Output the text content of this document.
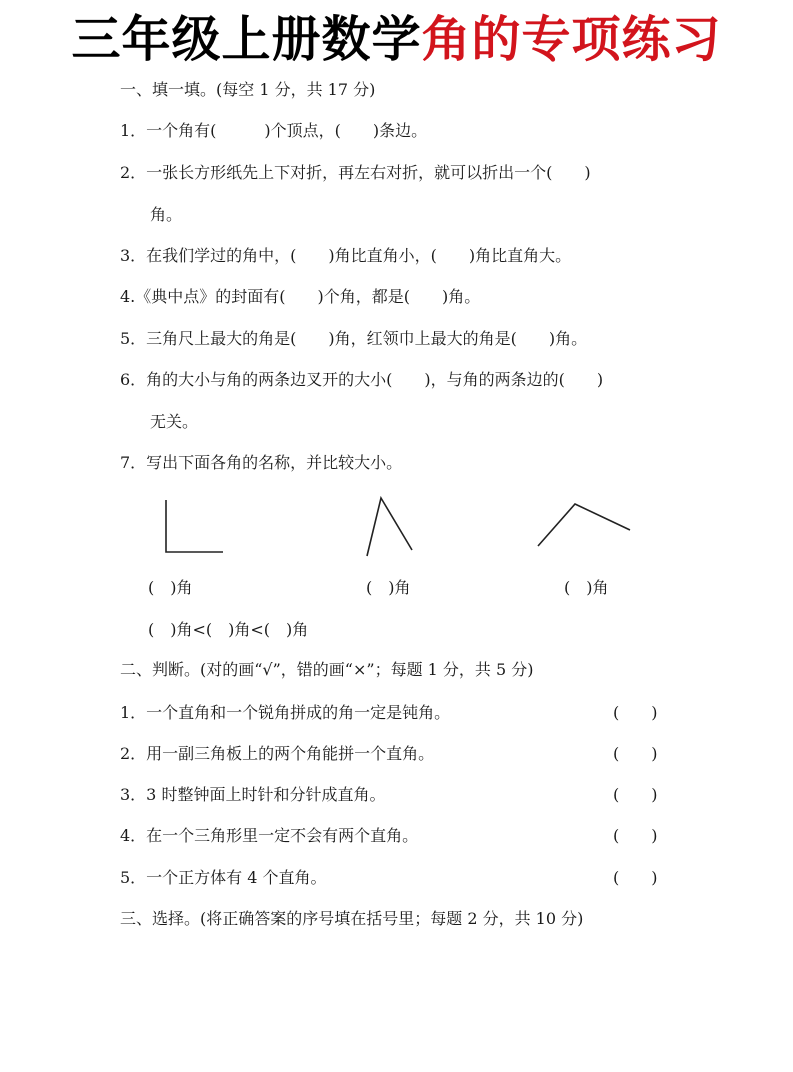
三年级上册数学角的专项练习
一、填一填。(每空 1 分，共 17 分)
1．一个角有(　　　)个顶点，(　　)条边。
2．一张长方形纸先上下对折，再左右对折，就可以折出一个(　　)
角。
3．在我们学过的角中，(　　)角比直角小，(　　)角比直角大。
4.《典中点》的封面有(　　)个角，都是(　　)角。
5．三角尺上最大的角是(　　)角，红领巾上最大的角是(　　)角。
6．角的大小与角的两条边叉开的大小(　　)，与角的两条边的(　　)
无关。
7．写出下面各角的名称，并比较大小。
(　)角	(　)角	(　)角
(　)角<(　)角<(　)角
二、判断。(对的画“√”，错的画“×”；每题 1 分，共 5 分)
1．一个直角和一个锐角拼成的角一定是钝角。	(　　)
2．用一副三角板上的两个角能拼一个直角。	(　　)
3．3 时整钟面上时针和分针成直角。	(　　)
4．在一个三角形里一定不会有两个直角。	(　　)
5．一个正方体有 4 个直角。	(　　)
三、选择。(将正确答案的序号填在括号里；每题 2 分，共 10 分)
